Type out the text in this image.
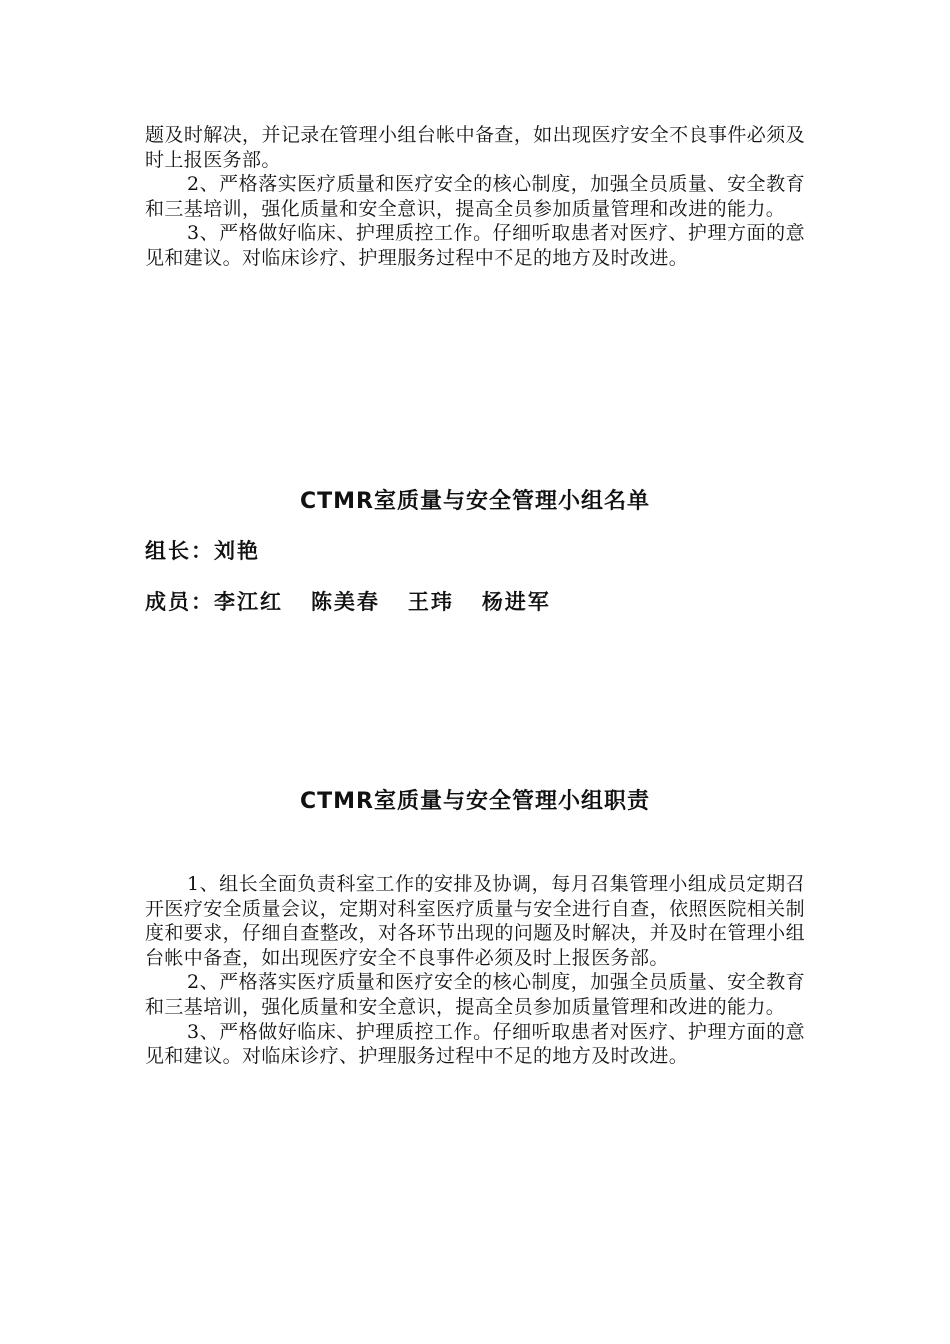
题及时解决，并记录在管理小组台帐中备查，如出现医疗安全不良事件必须及时上报医务部。

2、严格落实医疗质量和医疗安全的核心制度，加强全员质量、安全教育和三基培训，强化质量和安全意识，提高全员参加质量管理和改进的能力。

3、严格做好临床、护理质控工作。仔细听取患者对医疗、护理方面的意见和建议。对临床诊疗、护理服务过程中不足的地方及时改进。

CTMR室质量与安全管理小组名单

组长：刘艳

成员：李江红 陈美春 王玮 杨进军

CTMR室质量与安全管理小组职责

1、组长全面负责科室工作的安排及协调，每月召集管理小组成员定期召开医疗安全质量会议，定期对科室医疗质量与安全进行自查，依照医院相关制度和要求，仔细自查整改，对各环节出现的问题及时解决，并及时在管理小组台帐中备查，如出现医疗安全不良事件必须及时上报医务部。

2、严格落实医疗质量和医疗安全的核心制度，加强全员质量、安全教育和三基培训，强化质量和安全意识，提高全员参加质量管理和改进的能力。

3、严格做好临床、护理质控工作。仔细听取患者对医疗、护理方面的意见和建议。对临床诊疗、护理服务过程中不足的地方及时改进。
